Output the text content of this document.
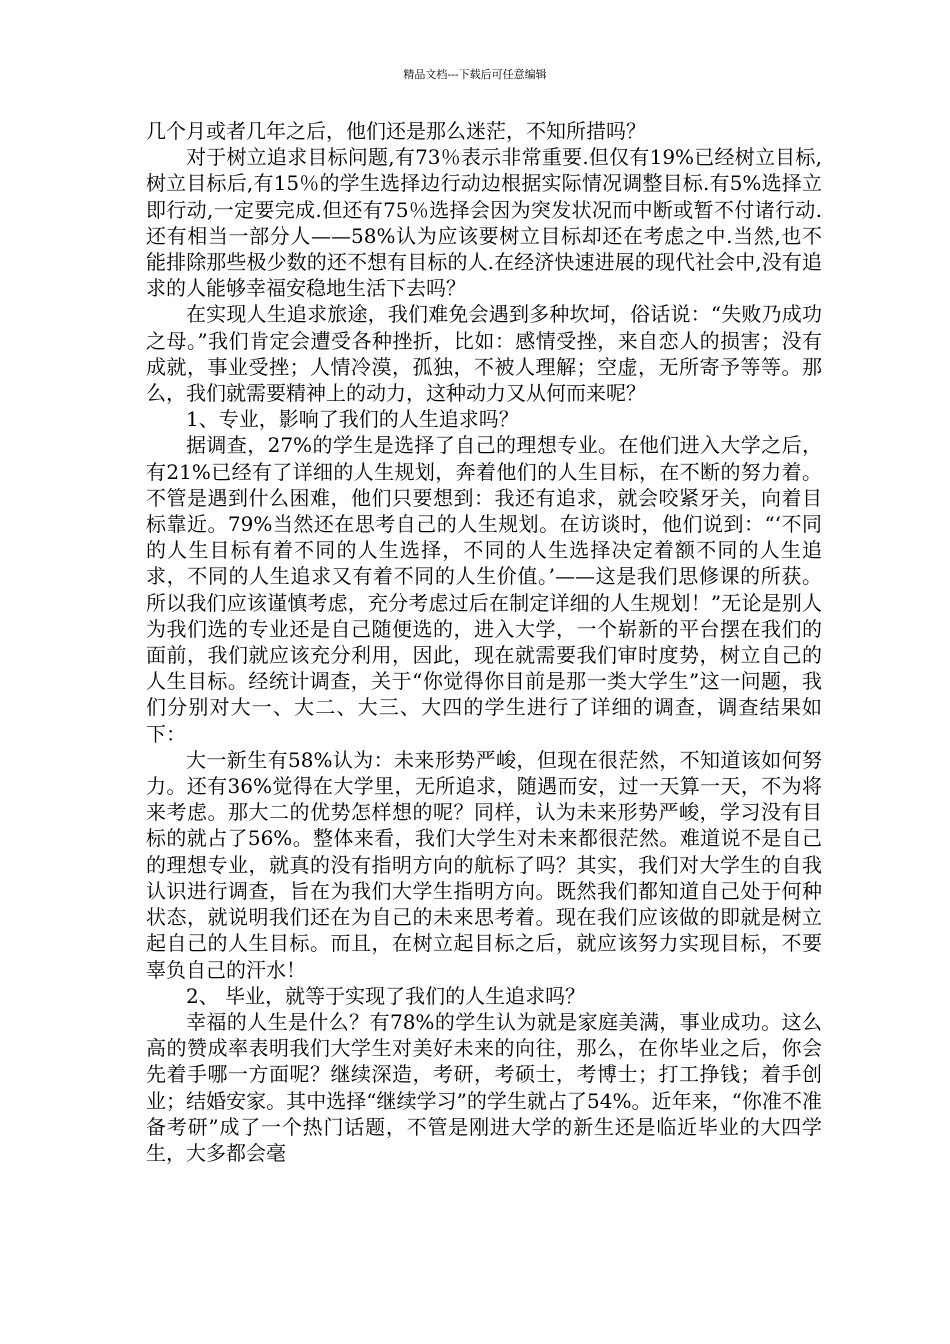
精品文档---下载后可任意编辑

几个月或者几年之后，他们还是那么迷茫，不知所措吗？

对于树立追求目标问题,有73％表示非常重要.但仅有19%已经树立目标,树立目标后,有15％的学生选择边行动边根据实际情况调整目标.有5%选择立即行动,一定要完成.但还有75％选择会因为突发状况而中断或暂不付诸行动.还有相当一部分人——58%认为应该要树立目标却还在考虑之中.当然,也不能排除那些极少数的还不想有目标的人.在经济快速进展的现代社会中,没有追求的人能够幸福安稳地生活下去吗？

在实现人生追求旅途，我们难免会遇到多种坎坷，俗话说：“失败乃成功之母。”我们肯定会遭受各种挫折，比如：感情受挫，来自恋人的损害；没有成就，事业受挫；人情冷漠，孤独，不被人理解；空虚，无所寄予等等。那么，我们就需要精神上的动力，这种动力又从何而来呢？

1、专业，影响了我们的人生追求吗？

据调查，27%的学生是选择了自己的理想专业。在他们进入大学之后，有21%已经有了详细的人生规划，奔着他们的人生目标，在不断的努力着。不管是遇到什么困难，他们只要想到：我还有追求，就会咬紧牙关，向着目标靠近。79%当然还在思考自己的人生规划。在访谈时，他们说到：“‘不同的人生目标有着不同的人生选择，不同的人生选择决定着额不同的人生追求，不同的人生追求又有着不同的人生价值。’——这是我们思修课的所获。所以我们应该谨慎考虑，充分考虑过后在制定详细的人生规划！”无论是别人为我们选的专业还是自己随便选的，进入大学，一个崭新的平台摆在我们的面前，我们就应该充分利用，因此，现在就需要我们审时度势，树立自己的人生目标。经统计调查，关于“你觉得你目前是那一类大学生”这一问题，我们分别对大一、大二、大三、大四的学生进行了详细的调查，调查结果如下：

大一新生有58%认为：未来形势严峻，但现在很茫然，不知道该如何努力。还有36%觉得在大学里，无所追求，随遇而安，过一天算一天，不为将来考虑。那大二的优势怎样想的呢？同样，认为未来形势严峻，学习没有目标的就占了56%。整体来看，我们大学生对未来都很茫然。难道说不是自己的理想专业，就真的没有指明方向的航标了吗？其实，我们对大学生的自我认识进行调查，旨在为我们大学生指明方向。既然我们都知道自己处于何种状态，就说明我们还在为自己的未来思考着。现在我们应该做的即就是树立起自己的人生目标。而且，在树立起目标之后，就应该努力实现目标，不要辜负自己的汗水！

2、 毕业，就等于实现了我们的人生追求吗？

幸福的人生是什么？有78%的学生认为就是家庭美满，事业成功。这么高的赞成率表明我们大学生对美好未来的向往，那么，在你毕业之后，你会先着手哪一方面呢？继续深造，考研，考硕士，考博士；打工挣钱；着手创业；结婚安家。其中选择“继续学习”的学生就占了54%。近年来，“你准不准备考研”成了一个热门话题，不管是刚进大学的新生还是临近毕业的大四学生，大多都会毫
